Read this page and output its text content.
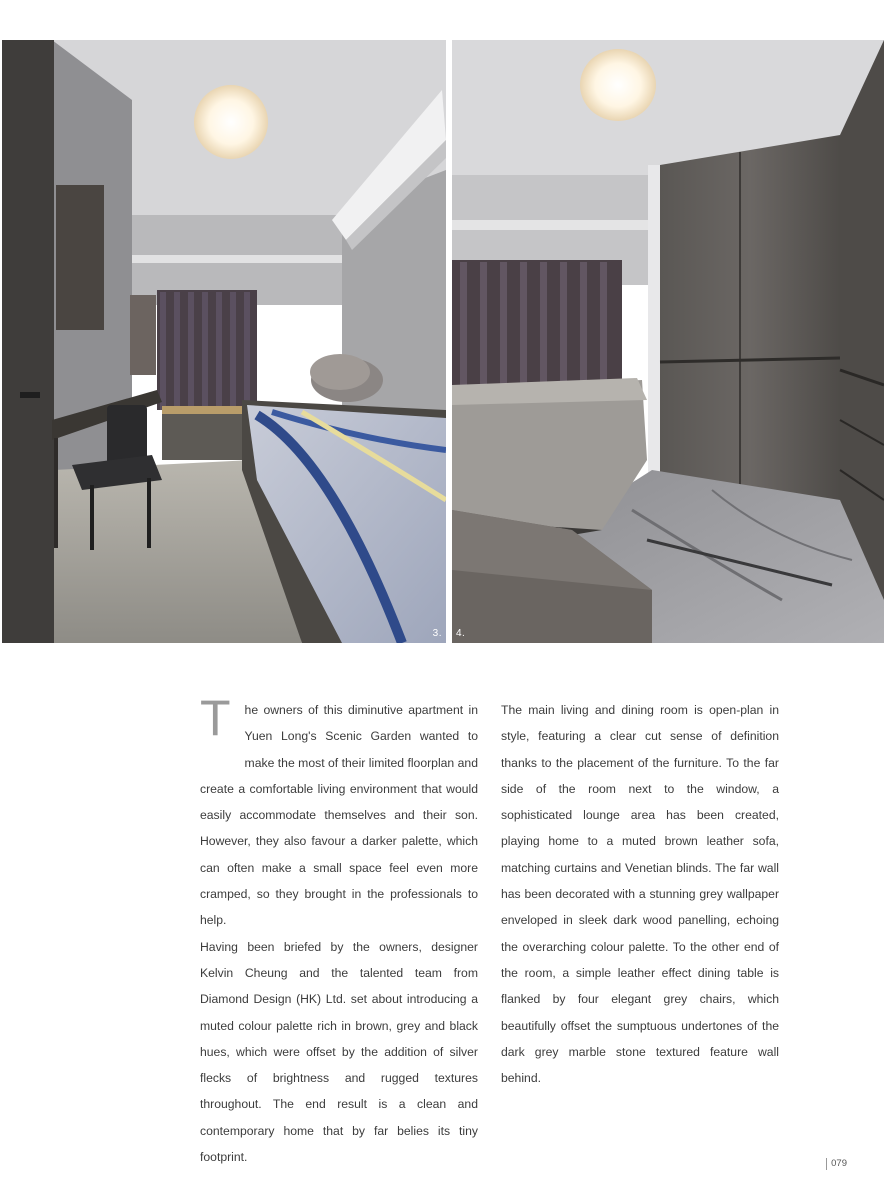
3. 4.

T he owners of this diminutive apartment in Yuen Long's Scenic Garden wanted to make the most of their limited floorplan and create a comfortable living environment that would easily accommodate themselves and their son. However, they also favour a darker palette, which can often make a small space feel even more cramped, so they brought in the professionals to help.

Having been briefed by the owners, designer Kelvin Cheung and the talented team from Diamond Design (HK) Ltd. set about introducing a muted colour palette rich in brown, grey and black hues, which were offset by the addition of silver flecks of brightness and rugged textures throughout. The end result is a clean and contemporary home that by far belies its tiny footprint.

The main living and dining room is open-plan in style, featuring a clear cut sense of definition thanks to the placement of the furniture. To the far side of the room next to the window, a sophisticated lounge area has been created, playing home to a muted brown leather sofa, matching curtains and Venetian blinds. The far wall has been decorated with a stunning grey wallpaper enveloped in sleek dark wood panelling, echoing the overarching colour palette. To the other end of the room, a simple leather effect dining table is flanked by four elegant grey chairs, which beautifully offset the sumptuous undertones of the dark grey marble stone textured feature wall behind.

079
